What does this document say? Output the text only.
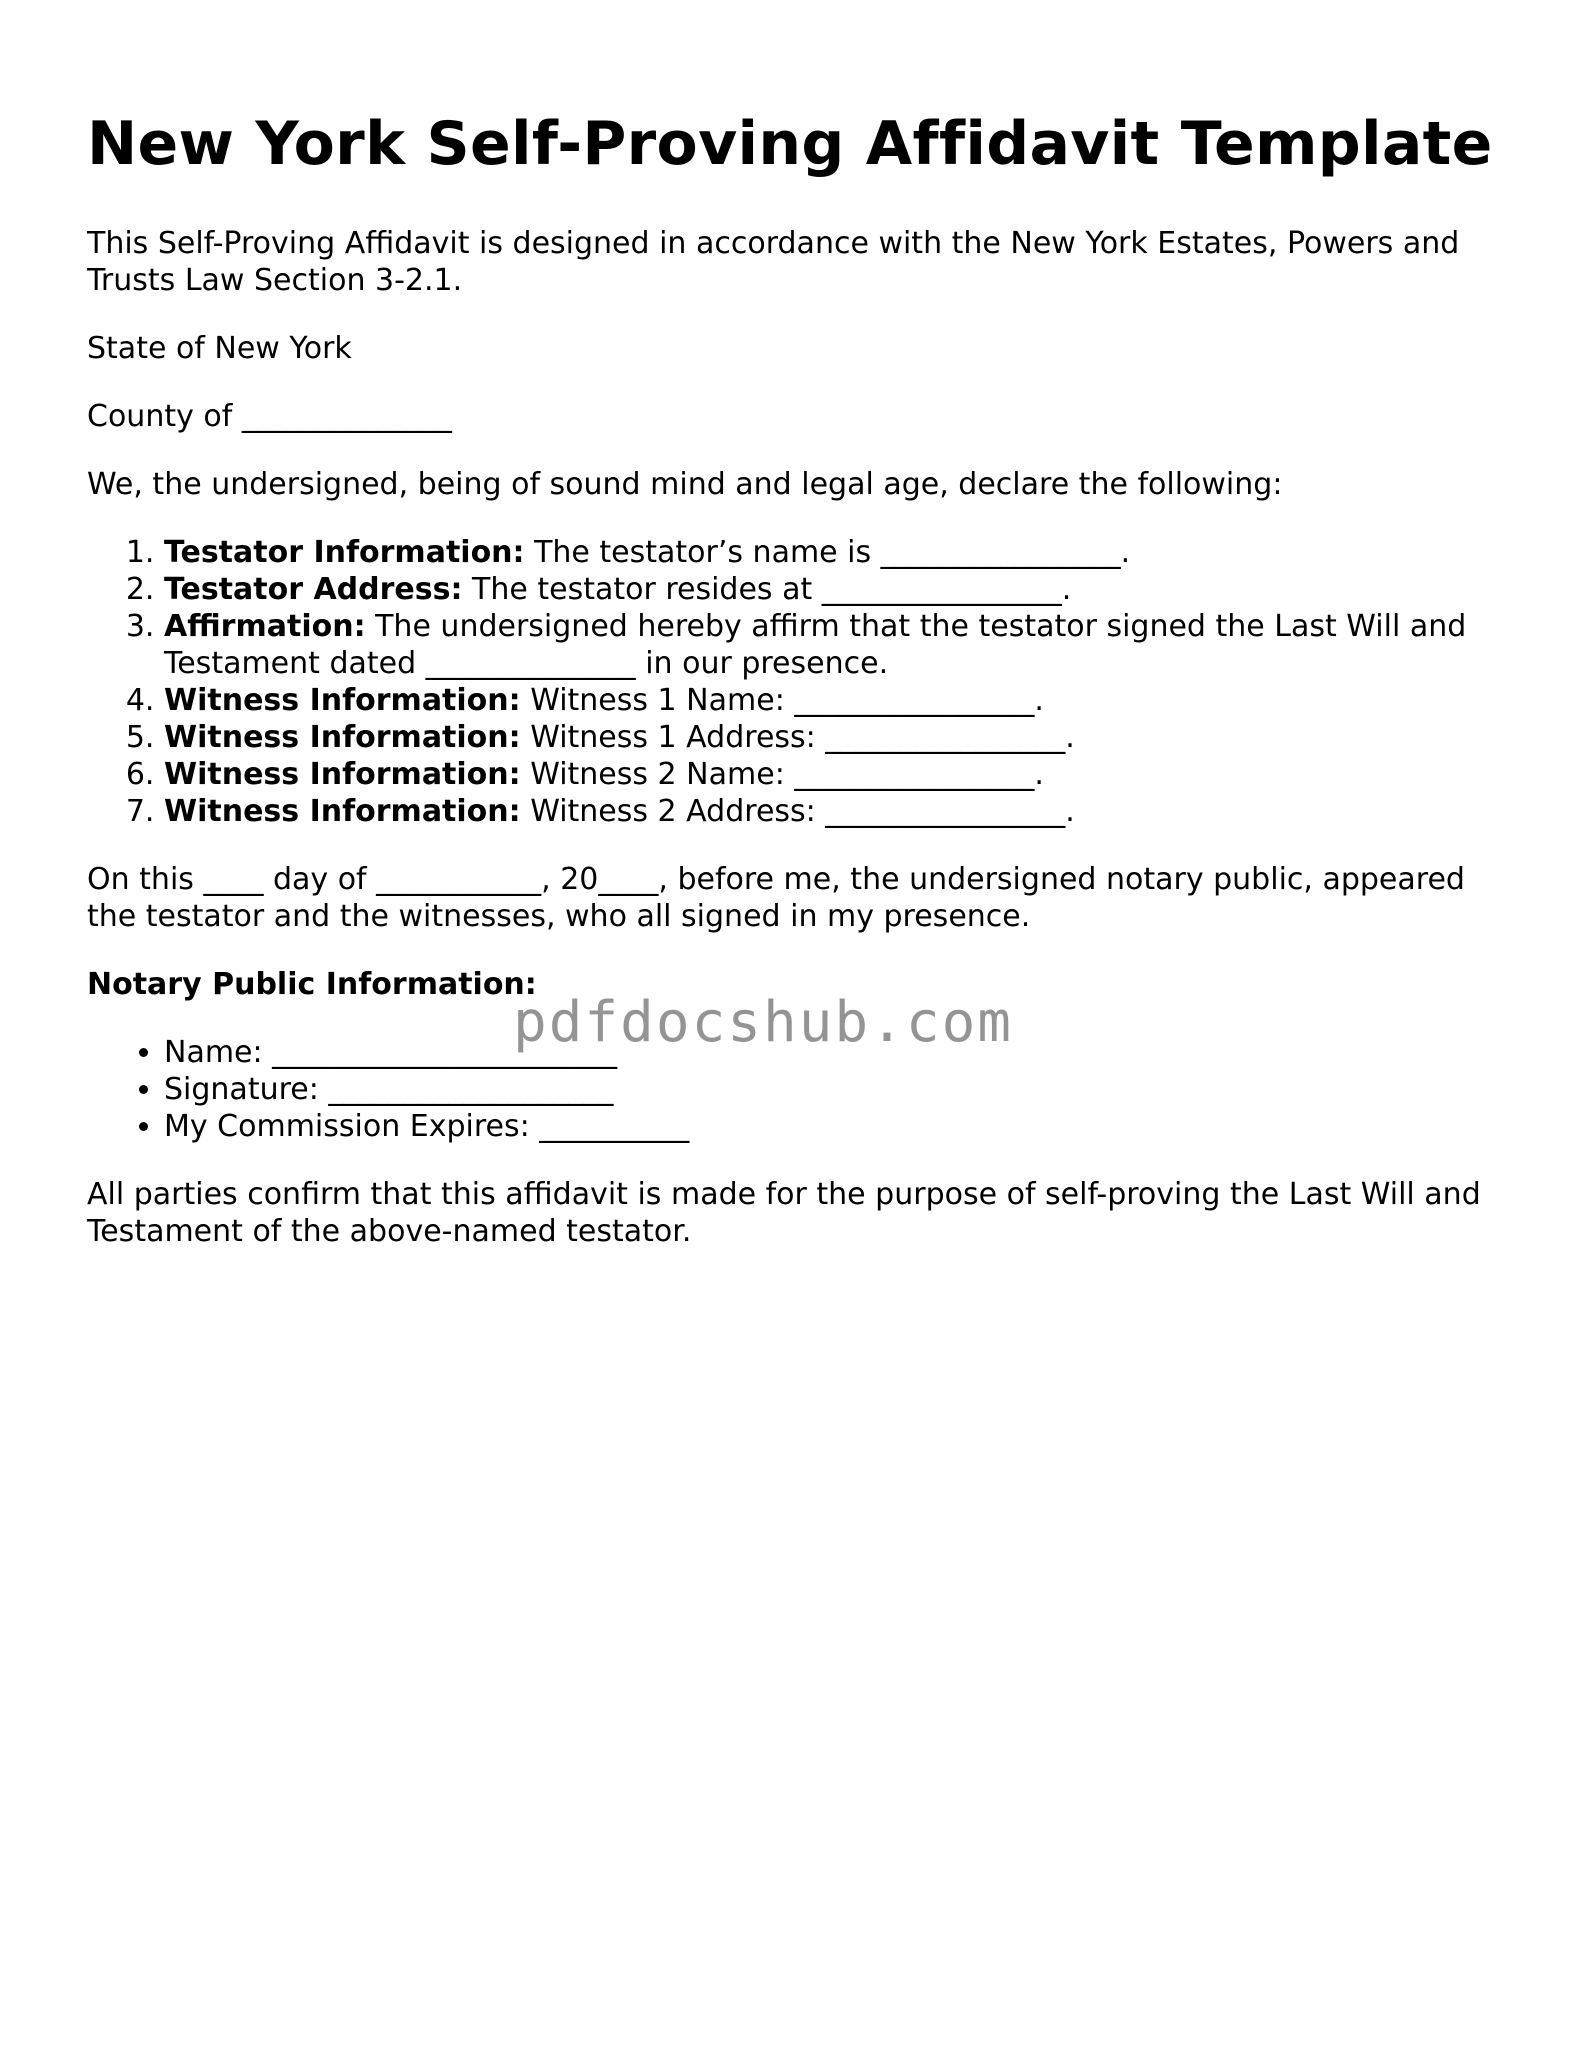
New York Self-Proving Affidavit Template

This Self-Proving Affidavit is designed in accordance with the New York Estates, Powers and Trusts Law Section 3-2.1.

State of New York

County of ______________

We, the undersigned, being of sound mind and legal age, declare the following:

1. Testator Information: The testator’s name is ________________.
2. Testator Address: The testator resides at ________________.
3. Affirmation: The undersigned hereby affirm that the testator signed the Last Will and Testament dated ______________ in our presence.
4. Witness Information: Witness 1 Name: ________________.
5. Witness Information: Witness 1 Address: ________________.
6. Witness Information: Witness 2 Name: ________________.
7. Witness Information: Witness 2 Address: ________________.

On this ____ day of ___________, 20____, before me, the undersigned notary public, appeared the testator and the witnesses, who all signed in my presence.

Notary Public Information:

• Name: _______________________
• Signature: ___________________
• My Commission Expires: __________

All parties confirm that this affidavit is made for the purpose of self-proving the Last Will and Testament of the above-named testator.

pdfdocshub.com
